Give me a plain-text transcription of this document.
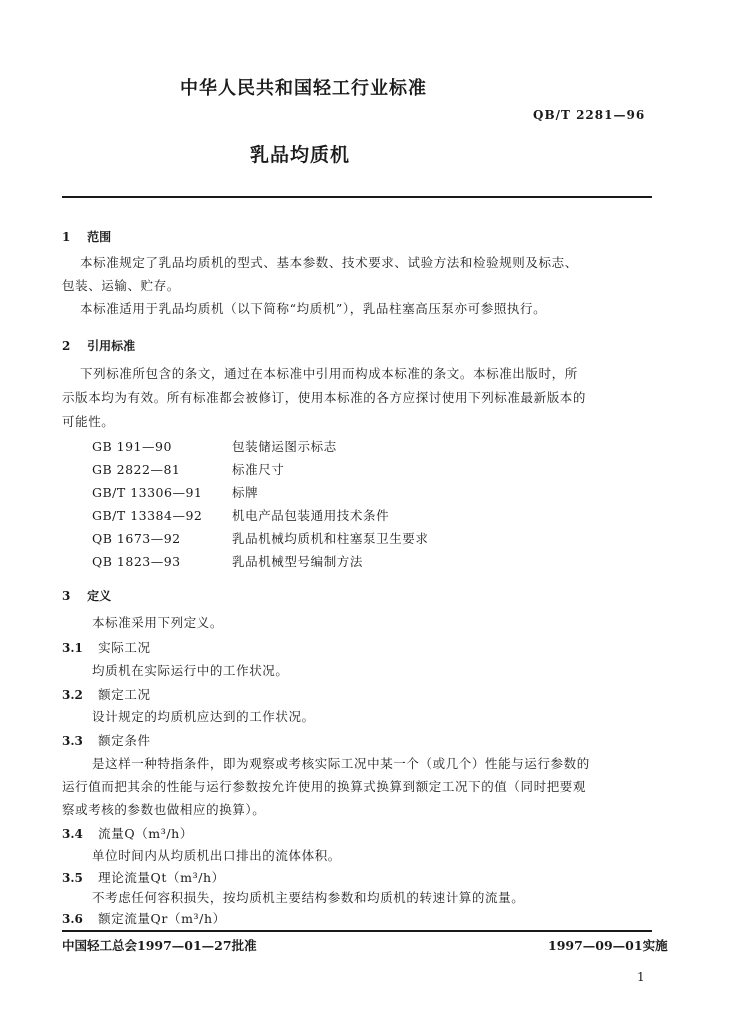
中华人民共和国轻工行业标准
QB/T 2281—96
乳品均质机
1 范围
本标准规定了乳品均质机的型式、基本参数、技术要求、试验方法和检验规则及标志、
包装、运输、贮存。
本标准适用于乳品均质机（以下简称“均质机”），乳品柱塞高压泵亦可参照执行。
2 引用标准
下列标准所包含的条文，通过在本标准中引用而构成本标准的条文。本标准出版时，所
示版本均为有效。所有标准都会被修订，使用本标准的各方应探讨使用下列标准最新版本的
可能性。
GB 191—90	包装储运图示标志
GB 2822—81	标准尺寸
GB/T 13306—91 标牌
GB/T 13384—92 机电产品包装通用技术条件
QB 1673—92	乳品机械均质机和柱塞泵卫生要求
QB 1823—93	乳品机械型号编制方法
3 定义
本标准采用下列定义。
3.1 实际工况
均质机在实际运行中的工作状况。
3.2 额定工况
设计规定的均质机应达到的工作状况。
3.3 额定条件
是这样一种特指条件，即为观察或考核实际工况中某一个（或几个）性能与运行参数的
运行值而把其余的性能与运行参数按允许使用的换算式换算到额定工况下的值（同时把要观
察或考核的参数也做相应的换算）。
3.4 流量Q（m³/h）
单位时间内从均质机出口排出的流体体积。
3.5 理论流量Qt（m³/h）
不考虑任何容积损失，按均质机主要结构参数和均质机的转速计算的流量。
3.6 额定流量Qr（m³/h）
中国轻工总会1997—01—27批准	1997—09—01实施
1
